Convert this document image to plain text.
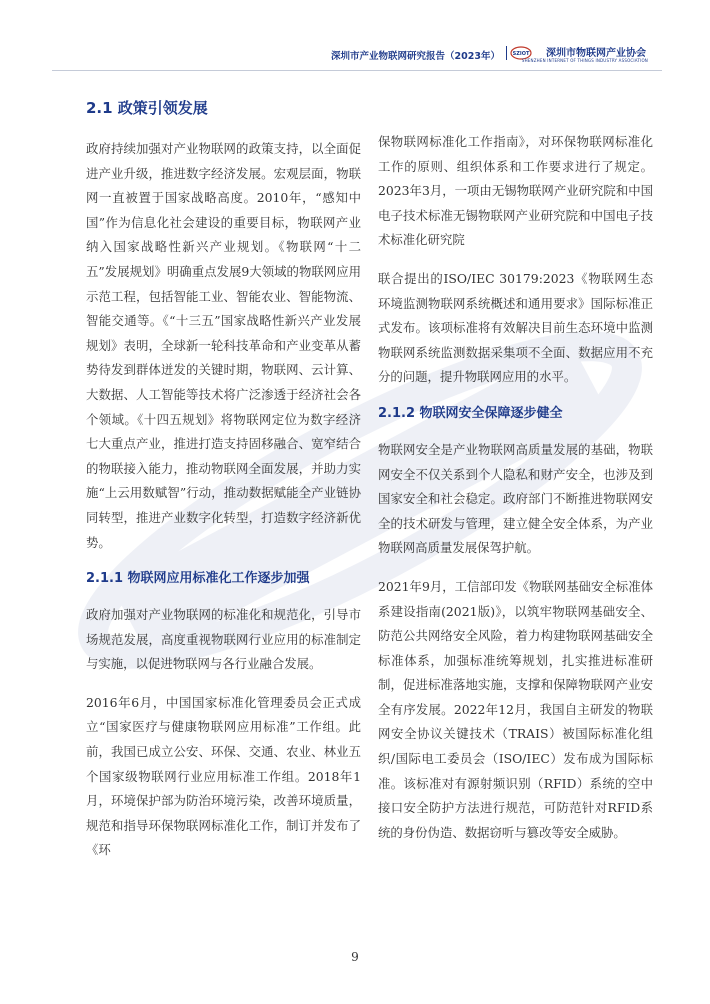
深圳市产业物联网研究报告（2023年）	SZIOT 深圳市物联网产业协会
SHENZHEN INTERNET OF THINGS INDUSTRY ASSOCIATION
2.1 政策引领发展

政府持续加强对产业物联网的政策支持，以全面促进产业升级，推进数字经济发展。宏观层面，物联网一直被置于国家战略高度。2010年，“感知中国”作为信息化社会建设的重要目标，物联网产业纳入国家战略性新兴产业规划。《物联网“十二五”发展规划》明确重点发展9大领域的物联网应用示范工程，包括智能工业、智能农业、智能物流、智能交通等。《“十三五”国家战略性新兴产业发展规划》表明，全球新一轮科技革命和产业变革从蓄势待发到群体迸发的关键时期，物联网、云计算、大数据、人工智能等技术将广泛渗透于经济社会各个领域。《十四五规划》将物联网定位为数字经济七大重点产业，推进打造支持固移融合、宽窄结合的物联接入能力，推动物联网全面发展，并助力实施“上云用数赋智”行动，推动数据赋能全产业链协同转型，推进产业数字化转型，打造数字经济新优势。

2.1.1 物联网应用标准化工作逐步加强

政府加强对产业物联网的标准化和规范化，引导市场规范发展，高度重视物联网行业应用的标准制定与实施，以促进物联网与各行业融合发展。

2016年6月，中国国家标准化管理委员会正式成立“国家医疗与健康物联网应用标准”工作组。此前，我国已成立公安、环保、交通、农业、林业五个国家级物联网行业应用标准工作组。2018年1月，环境保护部为防治环境污染，改善环境质量，规范和指导环保物联网标准化工作，制订并发布了《环

保物联网标准化工作指南》，对环保物联网标准化工作的原则、组织体系和工作要求进行了规定。2023年3月，一项由无锡物联网产业研究院和中国电子技术标准无锡物联网产业研究院和中国电子技术标准化研究院

联合提出的ISO/IEC 30179:2023《物联网生态环境监测物联网系统概述和通用要求》国际标准正式发布。该项标准将有效解决目前生态环境中监测物联网系统监测数据采集项不全面、数据应用不充分的问题，提升物联网应用的水平。

2.1.2 物联网安全保障逐步健全

物联网安全是产业物联网高质量发展的基础，物联网安全不仅关系到个人隐私和财产安全，也涉及到国家安全和社会稳定。政府部门不断推进物联网安全的技术研发与管理，建立健全安全体系，为产业物联网高质量发展保驾护航。

2021年9月，工信部印发《物联网基础安全标准体系建设指南(2021版)》，以筑牢物联网基础安全、防范公共网络安全风险，着力构建物联网基础安全标准体系，加强标准统筹规划，扎实推进标准研制，促进标准落地实施，支撑和保障物联网产业安全有序发展。2022年12月，我国自主研发的物联网安全协议关键技术（TRAIS）被国际标准化组织/国际电工委员会（ISO/IEC）发布成为国际标准。该标准对有源射频识别（RFID）系统的空中接口安全防护方法进行规范，可防范针对RFID系统的身份伪造、数据窃听与篡改等安全威胁。

9
